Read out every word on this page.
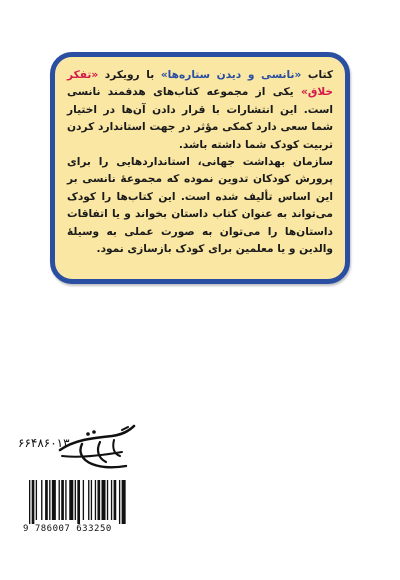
کتاب «نانسی و دیدن ستاره‌ها» با رویکرد «تفکر خلاق» یکی از مجموعه کتاب‌های هدفمند نانسی است. این انتشارات با قرار دادن آن‌ها در اختیار شما سعی دارد کمکی مؤثر در جهت استاندارد کردن تربیت کودک شما داشته باشد.

سازمان بهداشت جهانی، استانداردهایی را برای پرورش کودکان تدوین نموده که مجموعهٔ نانسی بر این اساس تألیف شده است. این کتاب‌ها را کودک می‌تواند به عنوان کتاب داستان بخواند و یا اتفاقات داستان‌ها را می‌توان به صورت عملی به وسیلهٔ والدین و یا معلمین برای کودک بازسازی نمود.

۶۶۴۸۶۰۱۳
9 786007 633250
